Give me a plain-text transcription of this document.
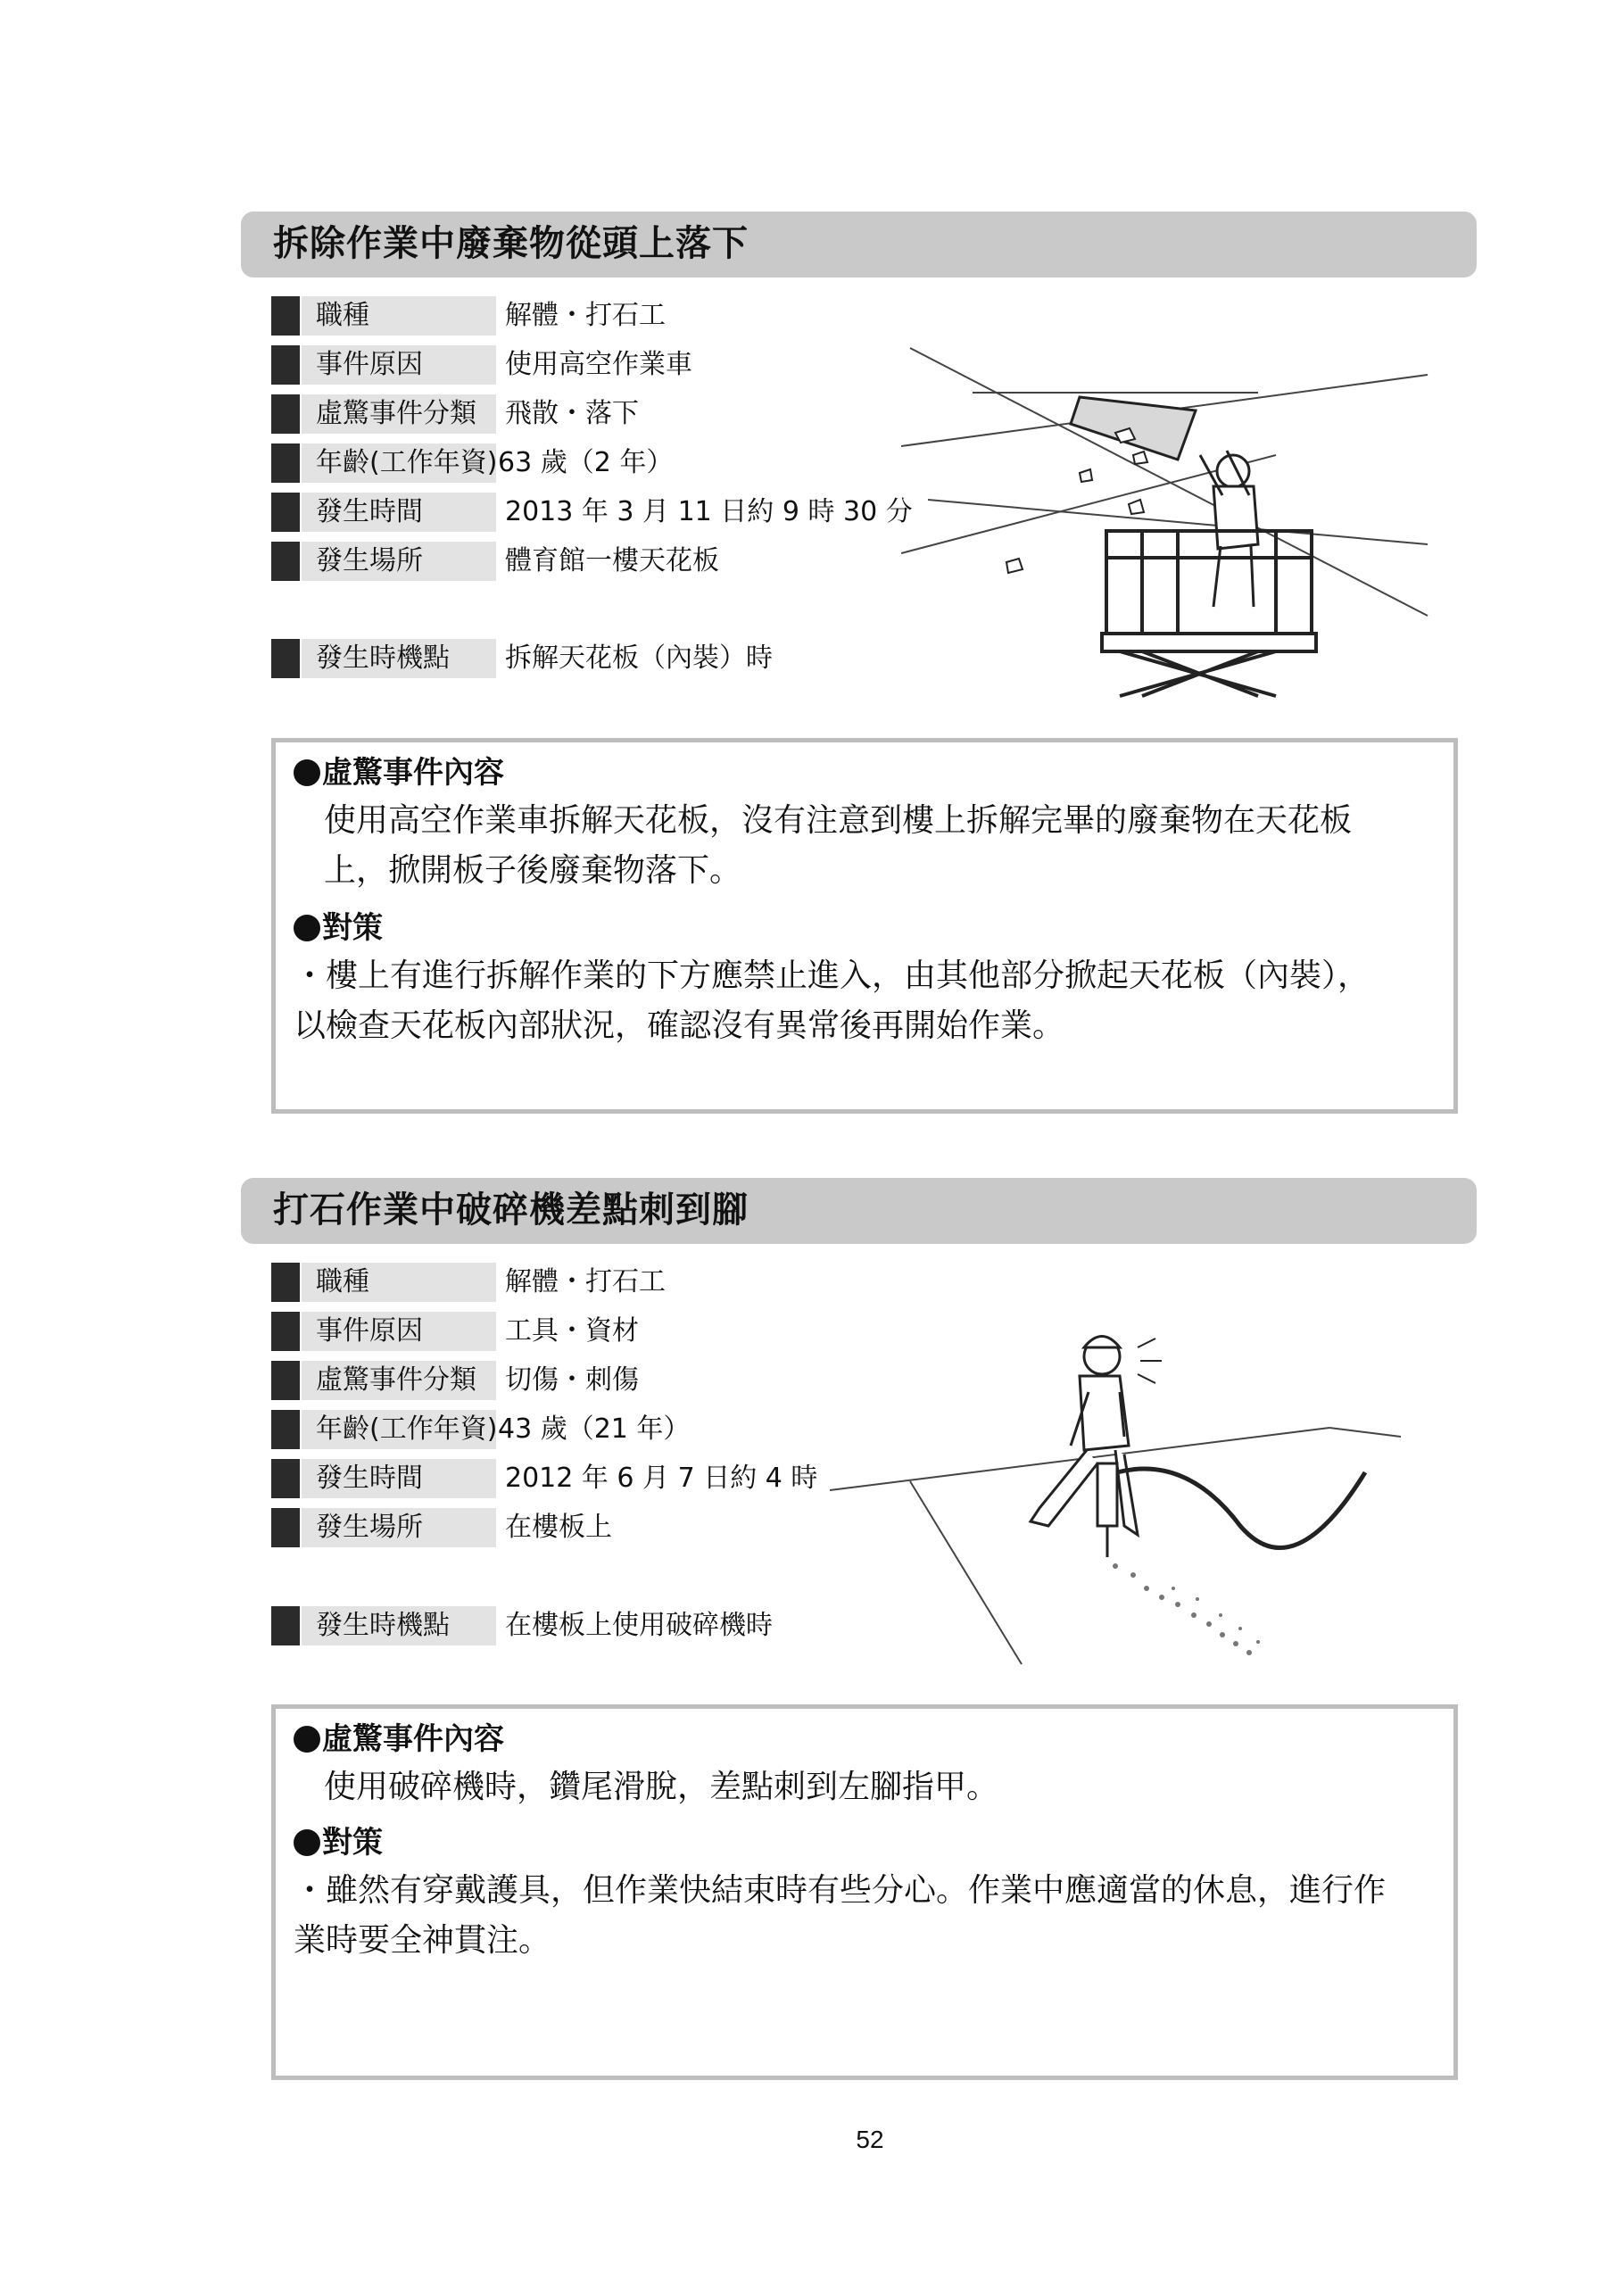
拆除作業中廢棄物從頭上落下
職種	解體・打石工
事件原因	使用高空作業車
虛驚事件分類	飛散・落下
年齡(工作年資) 63 歲（2 年）
發生時間	2013 年 3 月 11 日約 9 時 30 分
發生場所	體育館一樓天花板
發生時機點	拆解天花板（內裝）時
虛驚事件內容
使用高空作業車拆解天花板，沒有注意到樓上拆解完畢的廢棄物在天花板
上，掀開板子後廢棄物落下。
對策
・樓上有進行拆解作業的下方應禁止進入，由其他部分掀起天花板（內裝），
以檢查天花板內部狀況，確認沒有異常後再開始作業。
打石作業中破碎機差點刺到腳
職種	解體・打石工
事件原因	工具・資材
虛驚事件分類	切傷・刺傷
年齡(工作年資) 43 歲（21 年）
發生時間	2012 年 6 月 7 日約 4 時
發生場所	在樓板上
發生時機點	在樓板上使用破碎機時
虛驚事件內容
使用破碎機時，鑽尾滑脫，差點刺到左腳指甲。
對策
・雖然有穿戴護具，但作業快結束時有些分心。作業中應適當的休息，進行作
業時要全神貫注。
52
